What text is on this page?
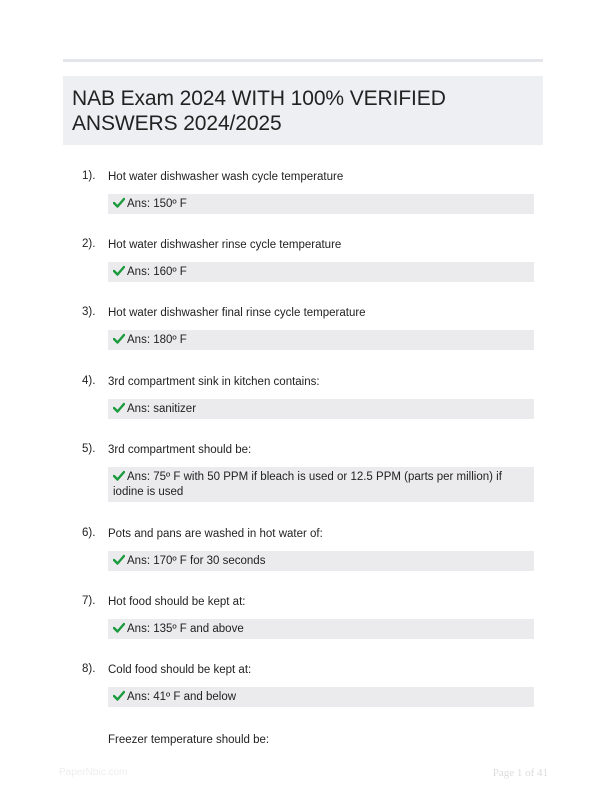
NAB Exam 2024 WITH 100% VERIFIED ANSWERS 2024/2025
1). Hot water dishwasher wash cycle temperature
Ans: 150º F
2). Hot water dishwasher rinse cycle temperature
Ans: 160º F
3). Hot water dishwasher final rinse cycle temperature
Ans: 180º F
4). 3rd compartment sink in kitchen contains:
Ans: sanitizer
5). 3rd compartment should be:
Ans: 75º F with 50 PPM if bleach is used or 12.5 PPM (parts per million) if iodine is used
6). Pots and pans are washed in hot water of:
Ans: 170º F for 30 seconds
7). Hot food should be kept at:
Ans: 135º F and above
8). Cold food should be kept at:
Ans: 41º F and below
Freezer temperature should be:
PaperNbic.com	Page 1 of 41
